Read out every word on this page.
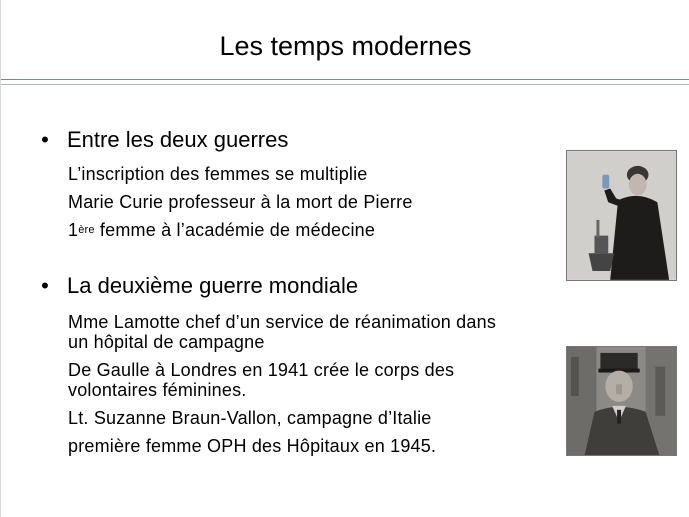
Les temps modernes
• Entre les deux guerres
L’inscription des femmes se multiplie
Marie Curie professeur à la mort de Pierre
1ère femme à l’académie de médecine
• La deuxième guerre mondiale
Mme Lamotte chef d’un service de réanimation dans
un hôpital de campagne
De Gaulle à Londres en 1941 crée le corps des
volontaires féminines.
Lt. Suzanne Braun-Vallon, campagne d’Italie
première femme OPH des Hôpitaux en 1945.
